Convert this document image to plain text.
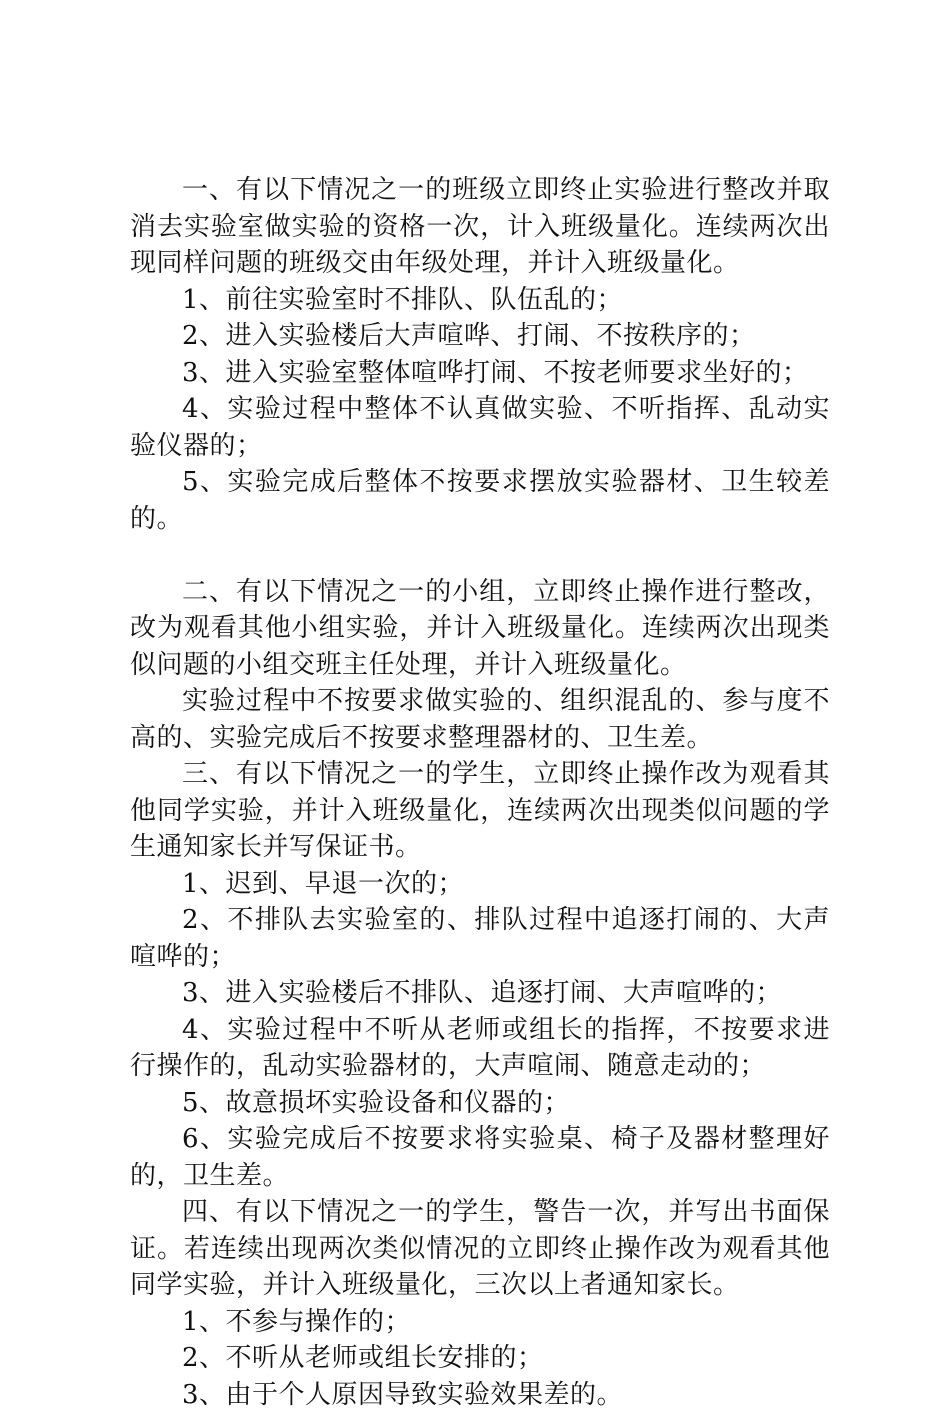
一、有以下情况之一的班级立即终止实验进行整改并取消去实验室做实验的资格一次，计入班级量化。连续两次出现同样问题的班级交由年级处理，并计入班级量化。

1、前往实验室时不排队、队伍乱的；

2、进入实验楼后大声喧哗、打闹、不按秩序的；

3、进入实验室整体喧哗打闹、不按老师要求坐好的；

4、实验过程中整体不认真做实验、不听指挥、乱动实验仪器的；

5、实验完成后整体不按要求摆放实验器材、卫生较差的。

二、有以下情况之一的小组，立即终止操作进行整改，改为观看其他小组实验，并计入班级量化。连续两次出现类似问题的小组交班主任处理，并计入班级量化。

实验过程中不按要求做实验的、组织混乱的、参与度不高的、实验完成后不按要求整理器材的、卫生差。

三、有以下情况之一的学生，立即终止操作改为观看其他同学实验，并计入班级量化，连续两次出现类似问题的学生通知家长并写保证书。

1、迟到、早退一次的；

2、不排队去实验室的、排队过程中追逐打闹的、大声喧哗的；

3、进入实验楼后不排队、追逐打闹、大声喧哗的；

4、实验过程中不听从老师或组长的指挥，不按要求进行操作的，乱动实验器材的，大声喧闹、随意走动的；

5、故意损坏实验设备和仪器的；

6、实验完成后不按要求将实验桌、椅子及器材整理好的，卫生差。

四、有以下情况之一的学生，警告一次，并写出书面保证。若连续出现两次类似情况的立即终止操作改为观看其他同学实验，并计入班级量化，三次以上者通知家长。

1、不参与操作的；

2、不听从老师或组长安排的；

3、由于个人原因导致实验效果差的。
